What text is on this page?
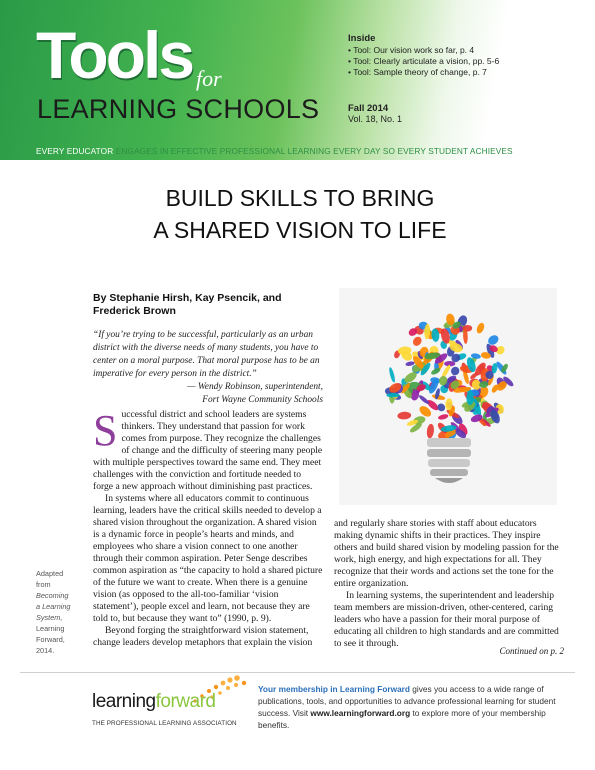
Tools for
LEARNING SCHOOLS
Inside
• Tool: Our vision work so far, p. 4
• Tool: Clearly articulate a vision, pp. 5-6
• Tool: Sample theory of change, p. 7
Fall 2014
Vol. 18, No. 1
EVERY EDUCATOR ENGAGES IN EFFECTIVE PROFESSIONAL LEARNING EVERY DAY SO EVERY STUDENT ACHIEVES
BUILD SKILLS TO BRING
A SHARED VISION TO LIFE
By Stephanie Hirsh, Kay Psencik, and
Frederick Brown
“If you’re trying to be successful, particularly as an urban district with the diverse needs of many students, you have to center on a moral purpose. That moral purpose has to be an imperative for every person in the district.”
— Wendy Robinson, superintendent,
Fort Wayne Community Schools

Successful district and school leaders are systems thinkers. They understand that passion for work comes from purpose. They recognize the challenges of change and the difficulty of steering many people with multiple perspectives toward the same end. They meet challenges with the conviction and fortitude needed to forge a new approach without diminishing past practices.

In systems where all educators commit to continuous learning, leaders have the critical skills needed to develop a shared vision throughout the organization. A shared vision is a dynamic force in people’s hearts and minds, and employees who share a vision connect to one another through their common aspiration. Peter Senge describes common aspiration as “the capacity to hold a shared picture of the future we want to create. When there is a genuine vision (as opposed to the all-too-familiar ‘vision statement’), people excel and learn, not because they are told to, but because they want to” (1990, p. 9).

Beyond forging the straightforward vision statement, change leaders develop metaphors that explain the vision

and regularly share stories with staff about educators making dynamic shifts in their practices. They inspire others and build shared vision by modeling passion for the work, high energy, and high expectations for all. They recognize that their words and actions set the tone for the entire organization.

In learning systems, the superintendent and leadership team members are mission-driven, other-centered, caring leaders who have a passion for their moral purpose of educating all children to high standards and are committed to see it through.

Continued on p. 2
Adapted
from
Becoming
a Learning
System,
Learning
Forward,
2014.
learningforward
THE PROFESSIONAL LEARNING ASSOCIATION
Your membership in Learning Forward gives you access to a wide range of publications, tools, and opportunities to advance professional learning for student success. Visit www.learningforward.org to explore more of your membership benefits.
